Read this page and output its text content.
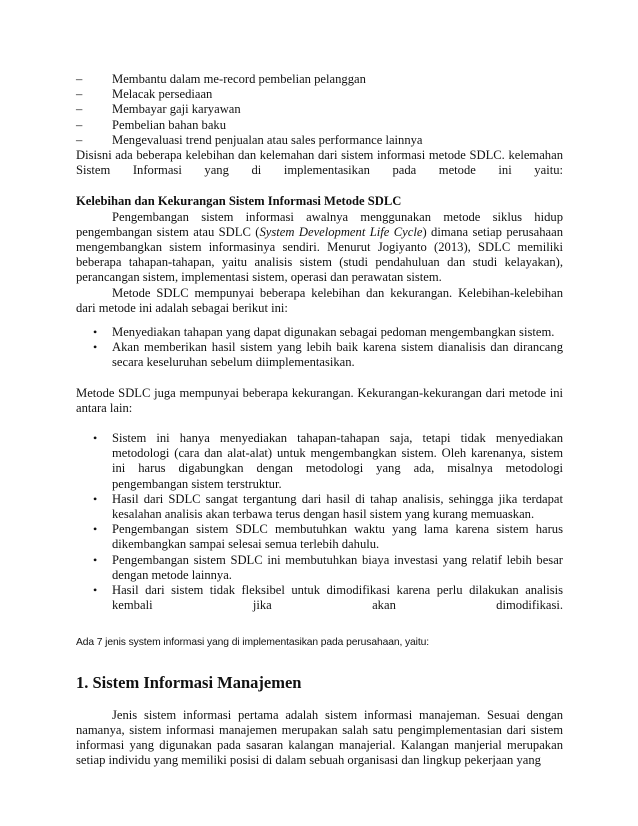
– Membantu dalam me-record pembelian pelanggan
– Melacak persediaan
– Membayar gaji karyawan
– Pembelian bahan baku
– Mengevaluasi trend penjualan atau sales performance lainnya

Disisni ada beberapa kelebihan dan kelemahan dari sistem informasi metode SDLC. kelemahan

Sistem Informasi yang di implementasikan pada metode ini yaitu:

Kelebihan dan Kekurangan Sistem Informasi Metode SDLC

Pengembangan sistem informasi awalnya menggunakan metode siklus hidup pengembangan sistem atau SDLC (System Development Life Cycle) dimana setiap perusahaan mengembangkan sistem informasinya sendiri. Menurut Jogiyanto (2013), SDLC memiliki beberapa tahapan-tahapan, yaitu analisis sistem (studi pendahuluan dan studi kelayakan), perancangan sistem, implementasi sistem, operasi dan perawatan sistem.

Metode SDLC mempunyai beberapa kelebihan dan kekurangan. Kelebihan-kelebihan dari metode ini adalah sebagai berikut ini:

• Menyediakan tahapan yang dapat digunakan sebagai pedoman mengembangkan sistem.
• Akan memberikan hasil sistem yang lebih baik karena sistem dianalisis dan dirancang secara keseluruhan sebelum diimplementasikan.

Metode SDLC juga mempunyai beberapa kekurangan. Kekurangan-kekurangan dari metode ini antara lain:

• Sistem ini hanya menyediakan tahapan-tahapan saja, tetapi tidak menyediakan metodologi (cara dan alat-alat) untuk mengembangkan sistem. Oleh karenanya, sistem ini harus digabungkan dengan metodologi yang ada, misalnya metodologi pengembangan sistem terstruktur.
• Hasil dari SDLC sangat tergantung dari hasil di tahap analisis, sehingga jika terdapat kesalahan analisis akan terbawa terus dengan hasil sistem yang kurang memuaskan.
• Pengembangan sistem SDLC membutuhkan waktu yang lama karena sistem harus dikembangkan sampai selesai semua terlebih dahulu.
• Pengembangan sistem SDLC ini membutuhkan biaya investasi yang relatif lebih besar dengan metode lainnya.
• Hasil dari sistem tidak fleksibel untuk dimodifikasi karena perlu dilakukan analisis kembali jika akan dimodifikasi.

Ada 7 jenis system informasi yang di implementasikan pada perusahaan, yaitu:

1. Sistem Informasi Manajemen

Jenis sistem informasi pertama adalah sistem informasi manajeman. Sesuai dengan namanya, sistem informasi manajemen merupakan salah satu pengimplementasian dari sistem informasi yang digunakan pada sasaran kalangan manajerial. Kalangan manjerial merupakan setiap individu yang memiliki posisi di dalam sebuah organisasi dan lingkup pekerjaan yang
